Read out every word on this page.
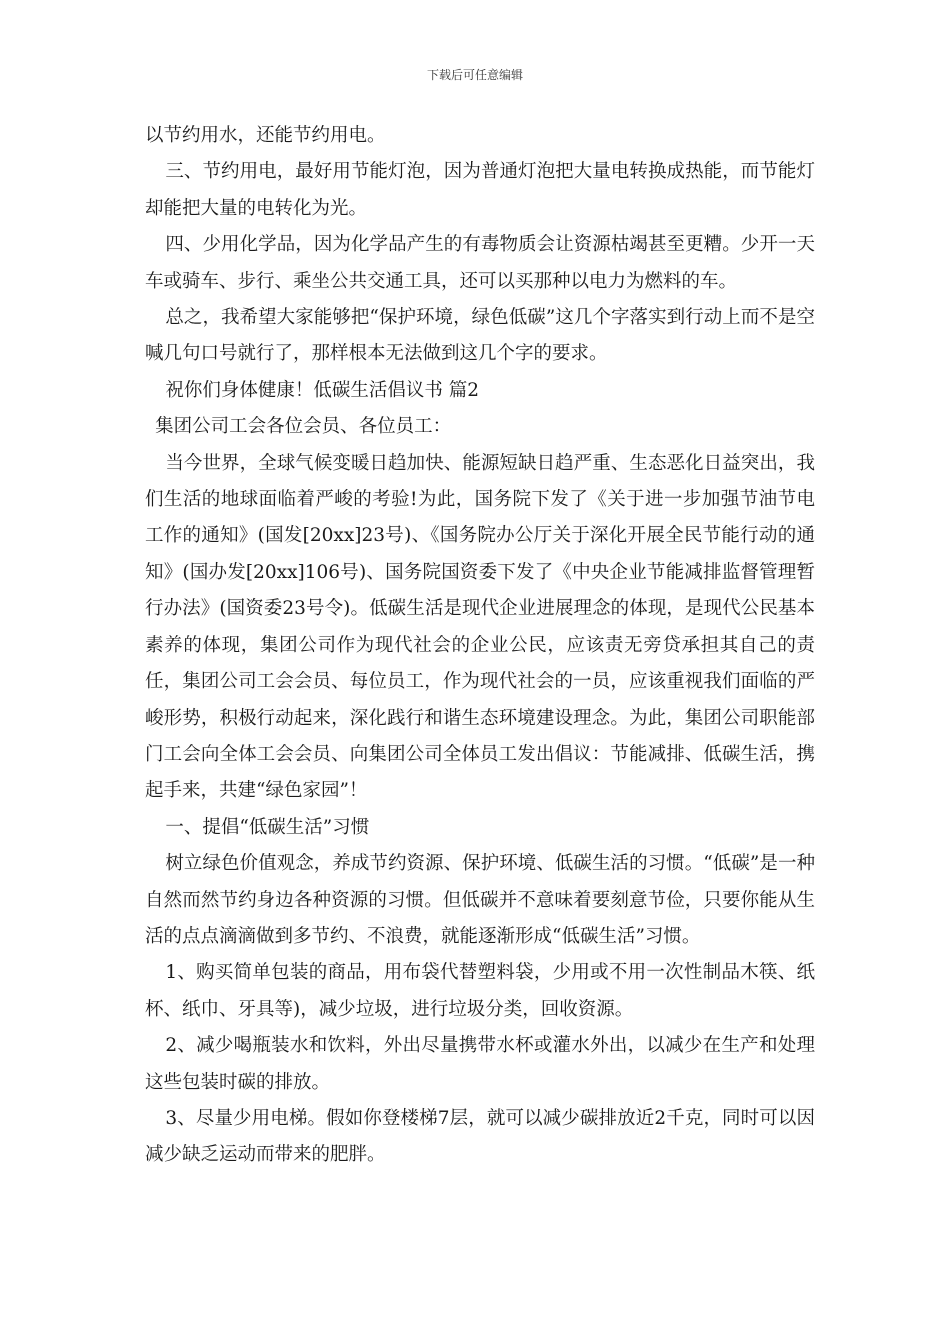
下载后可任意编辑

以节约用水，还能节约用电。

三、节约用电，最好用节能灯泡，因为普通灯泡把大量电转换成热能，而节能灯却能把大量的电转化为光。

四、少用化学品，因为化学品产生的有毒物质会让资源枯竭甚至更糟。少开一天车或骑车、步行、乘坐公共交通工具，还可以买那种以电力为燃料的车。

总之，我希望大家能够把“保护环境，绿色低碳”这几个字落实到行动上而不是空喊几句口号就行了，那样根本无法做到这几个字的要求。

祝你们身体健康！低碳生活倡议书 篇2

集团公司工会各位会员、各位员工：

当今世界，全球气候变暖日趋加快、能源短缺日趋严重、生态恶化日益突出，我们生活的地球面临着严峻的考验!为此，国务院下发了《关于进一步加强节油节电工作的通知》(国发[20xx]23号)、《国务院办公厅关于深化开展全民节能行动的通知》(国办发[20xx]106号)、国务院国资委下发了《中央企业节能减排监督管理暂行办法》(国资委23号令)。低碳生活是现代企业进展理念的体现，是现代公民基本素养的体现，集团公司作为现代社会的企业公民，应该责无旁贷承担其自己的责任，集团公司工会会员、每位员工，作为现代社会的一员，应该重视我们面临的严峻形势，积极行动起来，深化践行和谐生态环境建设理念。为此，集团公司职能部门工会向全体工会会员、向集团公司全体员工发出倡议：节能减排、低碳生活，携起手来，共建“绿色家园”！

一、提倡“低碳生活”习惯

树立绿色价值观念，养成节约资源、保护环境、低碳生活的习惯。“低碳”是一种自然而然节约身边各种资源的习惯。但低碳并不意味着要刻意节俭，只要你能从生活的点点滴滴做到多节约、不浪费，就能逐渐形成“低碳生活”习惯。

1、购买简单包装的商品，用布袋代替塑料袋，少用或不用一次性制品木筷、纸杯、纸巾、牙具等)，减少垃圾，进行垃圾分类，回收资源。

2、减少喝瓶装水和饮料，外出尽量携带水杯或灌水外出，以减少在生产和处理这些包装时碳的排放。

3、尽量少用电梯。假如你登楼梯7层，就可以减少碳排放近2千克，同时可以因减少缺乏运动而带来的肥胖。
